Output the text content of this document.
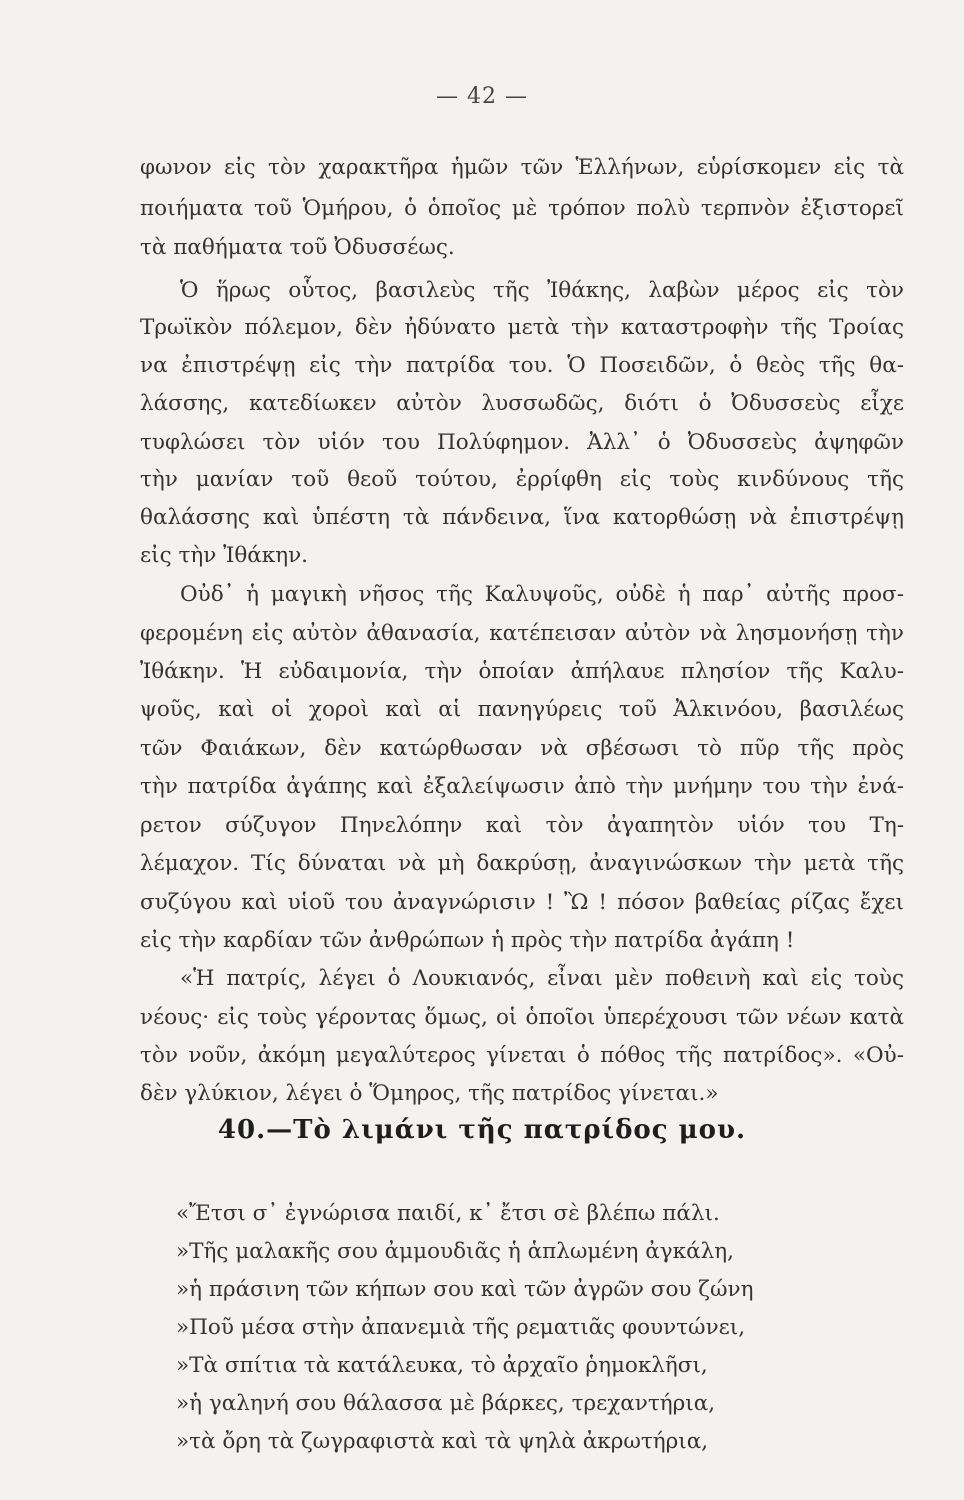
— 42 —
φωνον εἰς τὸν χαρακτῆρα ἡμῶν τῶν Ἑλλήνων, εὑρίσκομεν εἰς τὰ
ποιήματα τοῦ Ὁμήρου, ὁ ὁποῖος μὲ τρόπον πολὺ τερπνὸν ἐξιστορεῖ
τὰ παθήματα τοῦ Ὀδυσσέως.
Ὁ ἥρως οὗτος, βασιλεὺς τῆς Ἰθάκης, λαβὼν μέρος εἰς τὸν
Τρωϊκὸν πόλεμον, δὲν ἠδύνατο μετὰ τὴν καταστροφὴν τῆς Τροίας
να ἐπιστρέψῃ εἰς τὴν πατρίδα του. Ὁ Ποσειδῶν, ὁ θεὸς τῆς θα-
λάσσης, κατεδίωκεν αὐτὸν λυσσωδῶς, διότι ὁ Ὀδυσσεὺς εἶχε
τυφλώσει τὸν υἱόν του Πολύφημον. Ἀλλ᾽ ὁ Ὀδυσσεὺς ἀψηφῶν
τὴν μανίαν τοῦ θεοῦ τούτου, ἐρρίφθη εἰς τοὺς κινδύνους τῆς
θαλάσσης καὶ ὑπέστη τὰ πάνδεινα, ἵνα κατορθώσῃ νὰ ἐπιστρέψῃ
εἰς τὴν Ἰθάκην.
Οὐδ᾽ ἡ μαγικὴ νῆσος τῆς Καλυψοῦς, οὐδὲ ἡ παρ᾽ αὐτῆς προσ-
φερομένη εἰς αὐτὸν ἀθανασία, κατέπεισαν αὐτὸν νὰ λησμονήσῃ τὴν
Ἰθάκην. Ἡ εὐδαιμονία, τὴν ὁποίαν ἀπήλαυε πλησίον τῆς Καλυ-
ψοῦς, καὶ οἱ χοροὶ καὶ αἱ πανηγύρεις τοῦ Ἀλκινόου, βασιλέως
τῶν Φαιάκων, δὲν κατώρθωσαν νὰ σβέσωσι τὸ πῦρ τῆς πρὸς
τὴν πατρίδα ἀγάπης καὶ ἐξαλείψωσιν ἀπὸ τὴν μνήμην του τὴν ἐνά-
ρετον σύζυγον Πηνελόπην καὶ τὸν ἀγαπητὸν υἱόν του Τη-
λέμαχον. Τίς δύναται νὰ μὴ δακρύσῃ, ἀναγινώσκων τὴν μετὰ τῆς
συζύγου καὶ υἱοῦ του ἀναγνώρισιν ! Ὢ ! πόσον βαθείας ρίζας ἔχει
εἰς τὴν καρδίαν τῶν ἀνθρώπων ἡ πρὸς τὴν πατρίδα ἀγάπη !
«Ἡ πατρίς, λέγει ὁ Λουκιανός, εἶναι μὲν ποθεινὴ καὶ εἰς τοὺς
νέους· εἰς τοὺς γέροντας ὅμως, οἱ ὁποῖοι ὑπερέχουσι τῶν νέων κατὰ
τὸν νοῦν, ἀκόμη μεγαλύτερος γίνεται ὁ πόθος τῆς πατρίδος». «Οὐ-
δὲν γλύκιον, λέγει ὁ Ὅμηρος, τῆς πατρίδος γίνεται.»
40.—Τὸ λιμάνι τῆς πατρίδος μου.
«Ἔτσι σ᾽ ἐγνώρισα παιδί, κ᾽ ἔτσι σὲ βλέπω πάλι.
»Τῆς μαλακῆς σου ἀμμουδιᾶς ἡ ἁπλωμένη ἀγκάλη,
»ἡ πράσινη τῶν κήπων σου καὶ τῶν ἀγρῶν σου ζώνη
»Ποῦ μέσα στὴν ἀπανεμιὰ τῆς ρεματιᾶς φουντώνει,
»Τὰ σπίτια τὰ κατάλευκα, τὸ ἀρχαῖο ῥημοκλῆσι,
»ἡ γαληνή σου θάλασσα μὲ βάρκες, τρεχαντήρια,
»τὰ ὄρη τὰ ζωγραφιστὰ καὶ τὰ ψηλὰ ἀκρωτήρια,
